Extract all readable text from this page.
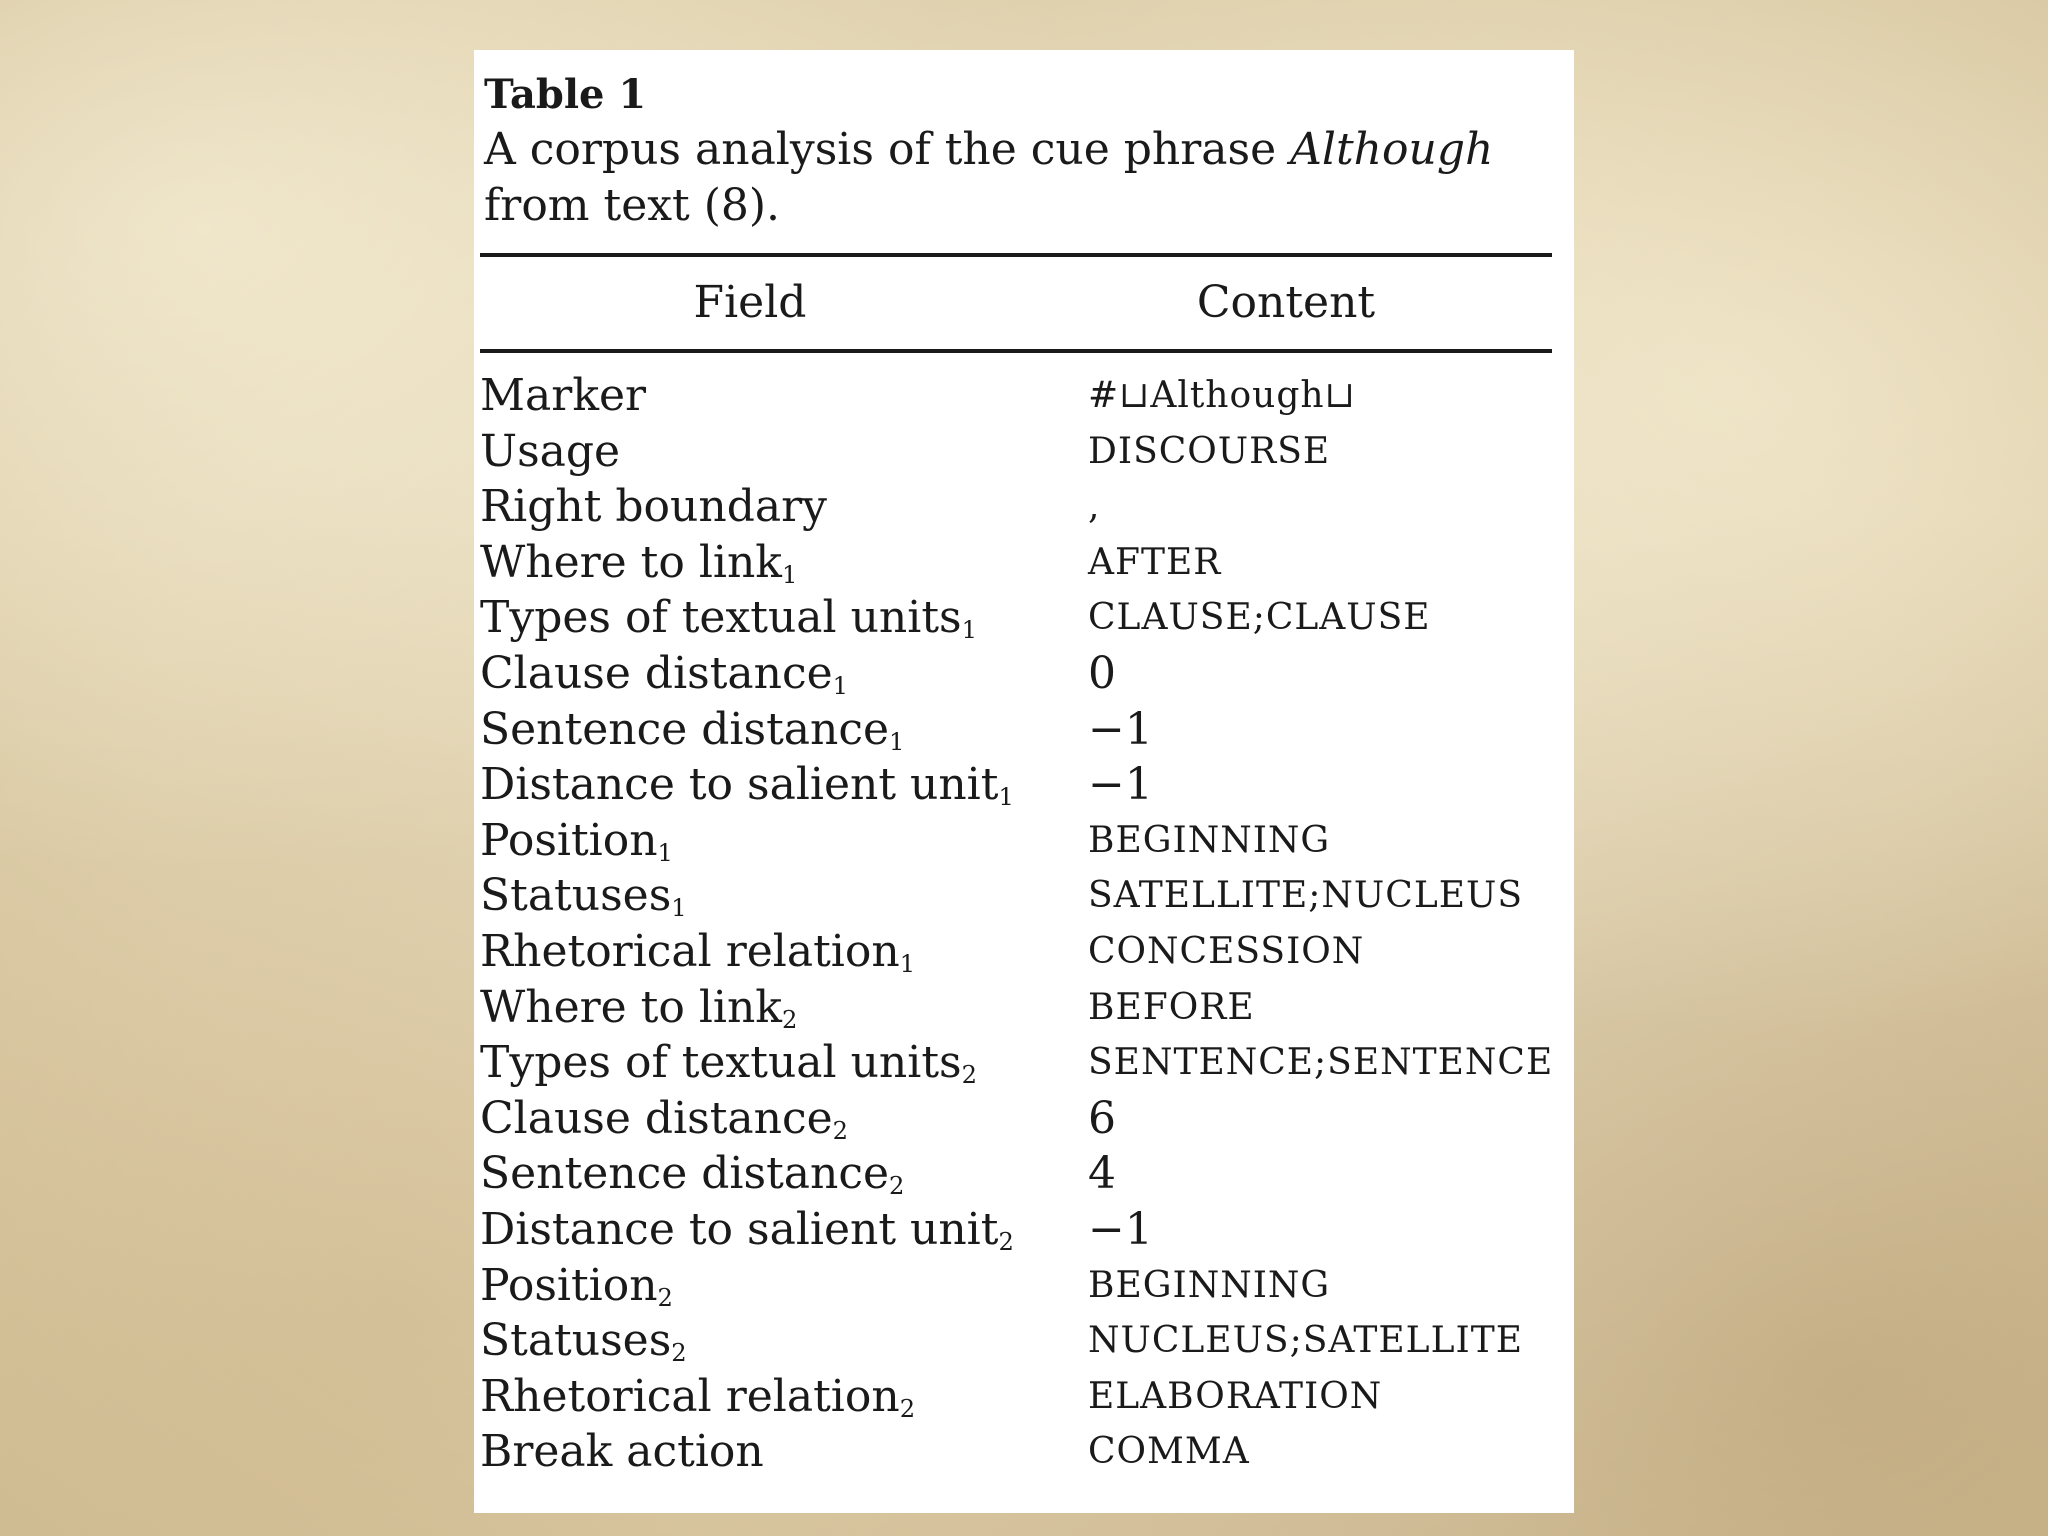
Table 1
A corpus analysis of the cue phrase Although
from text (8).
Field	Content
Marker	#⊔Although⊔
Usage	DISCOURSE
Right boundary	,
Where to link$_1$	AFTER
Types of textual units$_1$	CLAUSE;CLAUSE
Clause distance$_1$	0
Sentence distance$_1$	−1
Distance to salient unit$_1$ −1
Position$_1$	BEGINNING
Statuses$_1$	SATELLITE;NUCLEUS
Rhetorical relation$_1$	CONCESSION
Where to link$_2$	BEFORE
Types of textual units$_2$	SENTENCE;SENTENCE
Clause distance$_2$	6
Sentence distance$_2$	4
Distance to salient unit$_2$ −1
Position$_2$	BEGINNING
Statuses$_2$	NUCLEUS;SATELLITE
Rhetorical relation$_2$	ELABORATION
Break action	COMMA
